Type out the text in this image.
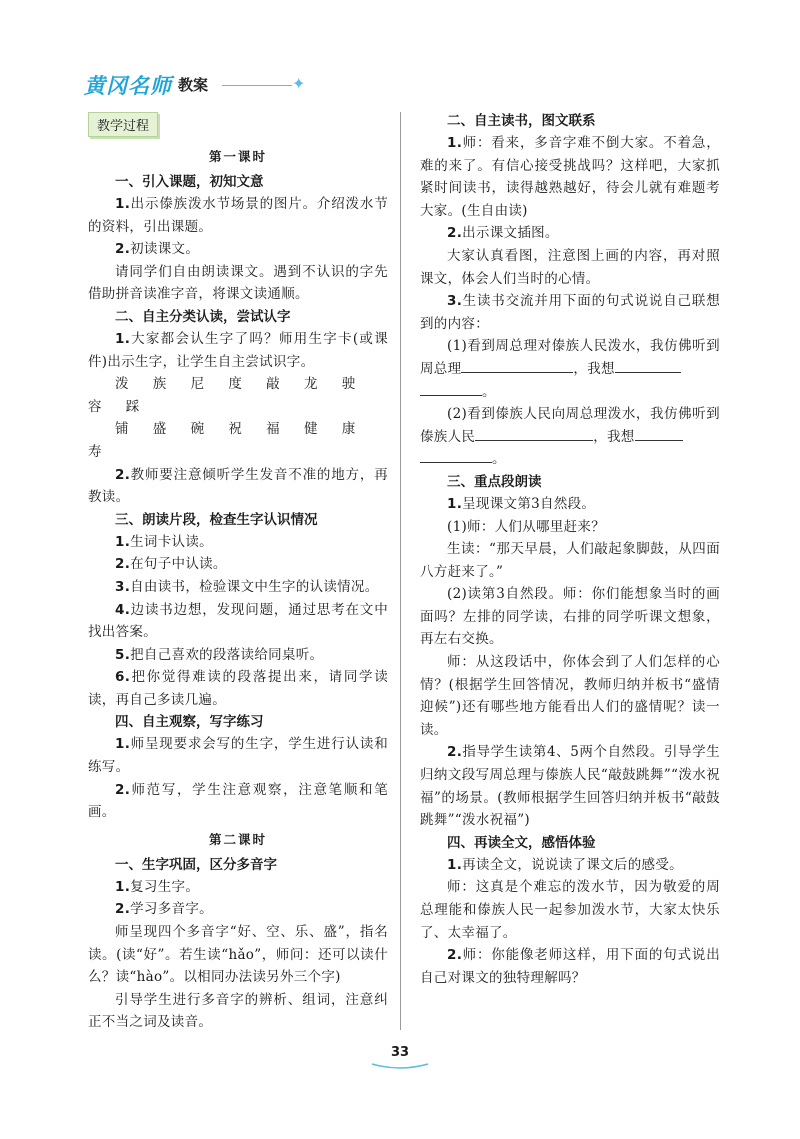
黄冈名师 教案	✦
教学过程
第一课时

一、引入课题，初知文意

1.出示傣族泼水节场景的图片。介绍泼水节的资料，引出课题。

2.初读课文。

请同学们自由朗读课文。遇到不认识的字先借助拼音读准字音，将课文读通顺。

二、自主分类认读，尝试认字

1.大家都会认生字了吗？师用生字卡(或课件)出示生字，让学生自主尝试识字。

泼 族 尼 度 敲 龙 驶 容 踩

铺 盛 碗 祝 福 健 康 寿

2.教师要注意倾听学生发音不准的地方，再教读。

三、朗读片段，检查生字认识情况

1.生词卡认读。

2.在句子中认读。

3.自由读书，检验课文中生字的认读情况。

4.边读书边想，发现问题，通过思考在文中找出答案。

5.把自己喜欢的段落读给同桌听。

6.把你觉得难读的段落提出来，请同学读读，再自己多读几遍。

四、自主观察，写字练习

1.师呈现要求会写的生字，学生进行认读和练写。

2.师范写，学生注意观察，注意笔顺和笔画。

第二课时

一、生字巩固，区分多音字

1.复习生字。

2.学习多音字。

师呈现四个多音字“好、空、乐、盛”，指名读。(读“好”。若生读“hǎo”，师问：还可以读什么？读“hào”。以相同办法读另外三个字)

引导学生进行多音字的辨析、组词，注意纠正不当之词及读音。

二、自主读书，图文联系

1.师：看来，多音字难不倒大家。不着急，难的来了。有信心接受挑战吗？这样吧，大家抓紧时间读书，读得越熟越好，待会儿就有难题考大家。(生自由读)

2.出示课文插图。

大家认真看图，注意图上画的内容，再对照课文，体会人们当时的心情。

3.生读书交流并用下面的句式说说自己联想到的内容：

(1)看到周总理对傣族人民泼水，我仿佛听到周总理	，我想
。

(2)看到傣族人民向周总理泼水，我仿佛听到傣族人民	，我想
。

三、重点段朗读

1.呈现课文第3自然段。

(1)师：人们从哪里赶来？

生读：“那天早晨，人们敲起象脚鼓，从四面八方赶来了。”

(2)读第3自然段。师：你们能想象当时的画面吗？左排的同学读，右排的同学听课文想象，再左右交换。

师：从这段话中，你体会到了人们怎样的心情？(根据学生回答情况，教师归纳并板书“盛情迎候”)还有哪些地方能看出人们的盛情呢？读一读。

2.指导学生读第4、5两个自然段。引导学生归纳文段写周总理与傣族人民“敲鼓跳舞”“泼水祝福”的场景。(教师根据学生回答归纳并板书“敲鼓跳舞”“泼水祝福”)

四、再读全文，感悟体验

1.再读全文，说说读了课文后的感受。

师：这真是个难忘的泼水节，因为敬爱的周总理能和傣族人民一起参加泼水节，大家太快乐了、太幸福了。

2.师：你能像老师这样，用下面的句式说出自己对课文的独特理解吗？

33
